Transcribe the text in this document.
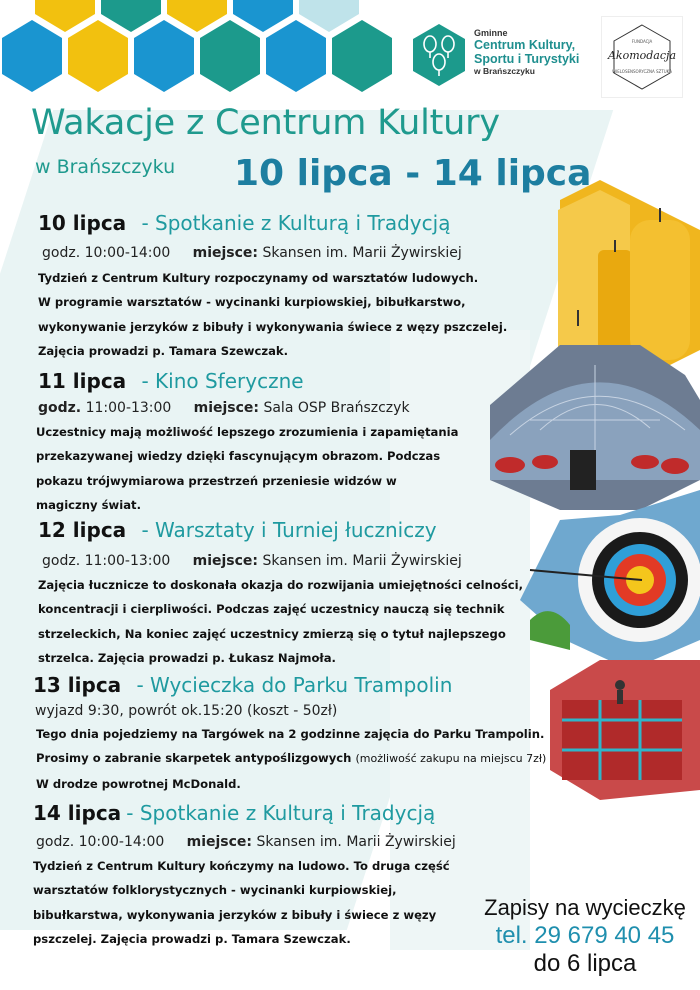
Gminne
Centrum Kultury,
Sportu i Turystyki
w Brańszczyku
FUNDACJA
Akomodacja
WIELOSENSORYCZNA SZTUKA
Wakacje z Centrum Kultury
w Brańszczyku 10 lipca - 14 lipca
10 lipca - Spotkanie z Kulturą i Tradycją
godz. 10:00-14:00 miejsce: Skansen im. Marii Żywirskiej
Tydzień z Centrum Kultury rozpoczynamy od warsztatów ludowych.
W programie warsztatów - wycinanki kurpiowskiej, bibułkarstwo,
wykonywanie jerzyków z bibuły i wykonywania świece z węzy pszczelej.
Zajęcia prowadzi p. Tamara Szewczak.
11 lipca - Kino Sferyczne
godz. 11:00-13:00 miejsce: Sala OSP Brańszczyk
Uczestnicy mają możliwość lepszego zrozumienia i zapamiętania
przekazywanej wiedzy dzięki fascynującym obrazom. Podczas
pokazu trójwymiarowa przestrzeń przeniesie widzów w
magiczny świat.
12 lipca - Warsztaty i Turniej łuczniczy
godz. 11:00-13:00 miejsce: Skansen im. Marii Żywirskiej
Zajęcia łucznicze to doskonała okazja do rozwijania umiejętności celności,
koncentracji i cierpliwości. Podczas zajęć uczestnicy nauczą się technik
strzeleckich, Na koniec zajęć uczestnicy zmierzą się o tytuł najlepszego
strzelca. Zajęcia prowadzi p. Łukasz Najmoła.
13 lipca - Wycieczka do Parku Trampolin
wyjazd 9:30, powrót ok.15:20 (koszt - 50zł)
Tego dnia pojedziemy na Targówek na 2 godzinne zajęcia do Parku Trampolin.
Prosimy o zabranie skarpetek antypoślizgowych (możliwość zakupu na miejscu 7zł)
W drodze powrotnej McDonald.
14 lipca - Spotkanie z Kulturą i Tradycją
godz. 10:00-14:00 miejsce: Skansen im. Marii Żywirskiej
Tydzień z Centrum Kultury kończymy na ludowo. To druga część
warsztatów folklorystycznych - wycinanki kurpiowskiej,
bibułkarstwa, wykonywania jerzyków z bibuły i świece z węzy
pszczelej. Zajęcia prowadzi p. Tamara Szewczak.
Zapisy na wycieczkę
tel. 29 679 40 45
do 6 lipca
